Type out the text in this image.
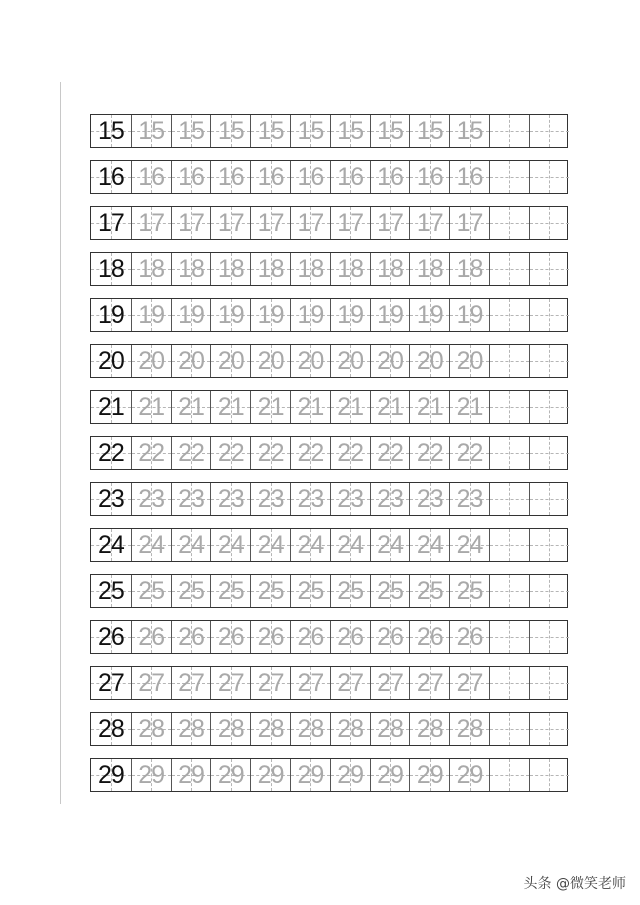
15 15 15 15 15 15 15 15 15 15
16 16 16 16 16 16 16 16 16 16
17 17 17 17 17 17 17 17 17 17
18 18 18 18 18 18 18 18 18 18
19 19 19 19 19 19 19 19 19 19
20 20 20 20 20 20 20 20 20 20
21 21 21 21 21 21 21 21 21 21
22 22 22 22 22 22 22 22 22 22
23 23 23 23 23 23 23 23 23 23
24 24 24 24 24 24 24 24 24 24
25 25 25 25 25 25 25 25 25 25
26 26 26 26 26 26 26 26 26 26
27 27 27 27 27 27 27 27 27 27
28 28 28 28 28 28 28 28 28 28
29 29 29 29 29 29 29 29 29 29
头条 @微笑老师
